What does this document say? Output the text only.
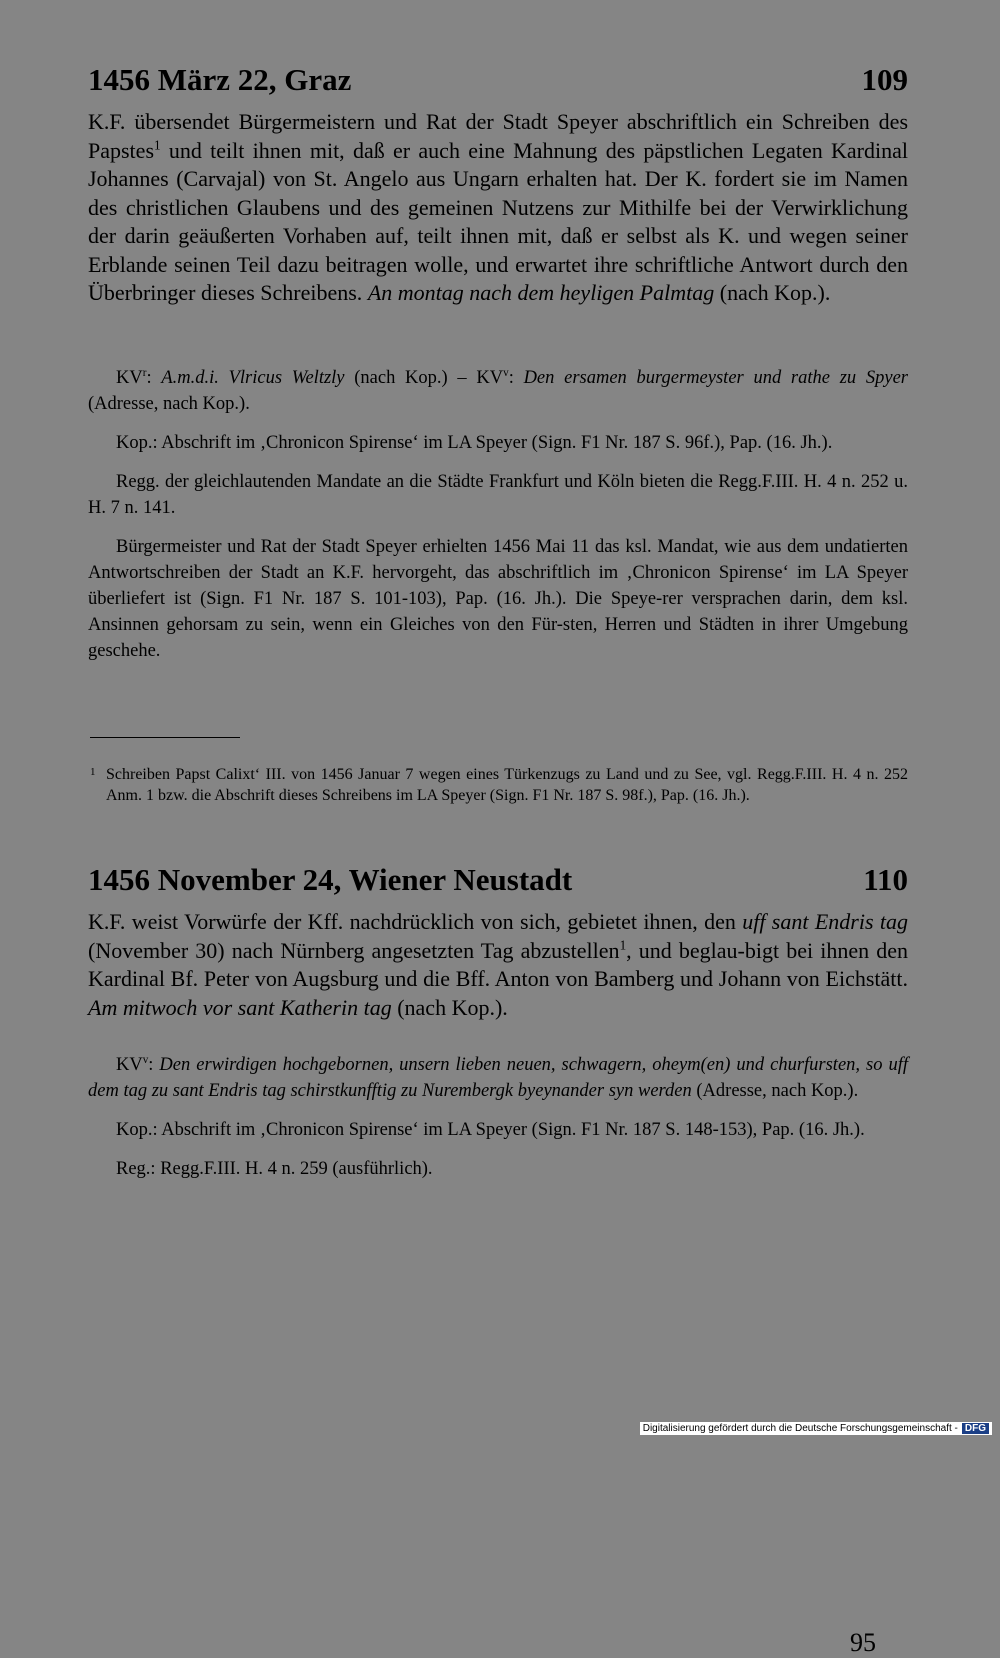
1456 März 22, Graz	109
K.F. übersendet Bürgermeistern und Rat der Stadt Speyer abschriftlich ein Schreiben des Papstes$^1$ und teilt ihnen mit, daß er auch eine Mahnung des päpstlichen Legaten Kardinal Johannes (Carvajal) von St. Angelo aus Ungarn erhalten hat. Der K. fordert sie im Namen des christlichen Glaubens und des gemeinen Nutzens zur Mithilfe bei der Verwirklichung der darin geäußerten Vorhaben auf, teilt ihnen mit, daß er selbst als K. und wegen seiner Erblande seinen Teil dazu beitragen wolle, und erwartet ihre schriftliche Antwort durch den Überbringer dieses Schreibens. An montag nach dem heyligen Palmtag (nach Kop.).

$KV^r$: A.m.d.i. Vlricus Weltzly (nach $Kop.) - KV^v$: Den ersamen burgermeyster und rathe zu Spyer (Adresse, nach Kop.).

Kop.: Abschrift im ‚Chronicon Spirense‘ im LA Speyer (Sign. F1 Nr. 187 S. 96f.), Pap. (16. Jh.).

Regg. der gleichlautenden Mandate an die Städte Frankfurt und Köln bieten die Regg.F.III. H. 4 n. 252 u. H. 7 n. 141.

Bürgermeister und Rat der Stadt Speyer erhielten 1456 Mai 11 das ksl. Mandat, wie aus dem undatierten Antwortschreiben der Stadt an K.F. hervorgeht, das abschriftlich im ‚Chronicon Spirense‘ im LA Speyer überliefert ist (Sign. F1 Nr. 187 S. 101-103), Pap. (16. Jh.). Die Speye-rer versprachen darin, dem ksl. Ansinnen gehorsam zu sein, wenn ein Gleiches von den Für-sten, Herren und Städten in ihrer Umgebung geschehe.

1 Schreiben Papst Calixt‘ III. von 1456 Januar 7 wegen eines Türkenzugs zu Land und zu See, vgl. Regg.F.III. H. 4 n. 252 Anm. 1 bzw. die Abschrift dieses Schreibens im LA Speyer (Sign. F1 Nr. 187 S. 98f.), Pap. (16. Jh.).
1456 November 24, Wiener Neustadt	110
K.F. weist Vorwürfe der Kff. nachdrücklich von sich, gebietet ihnen, den uff sant Endris tag (November 30) nach Nürnberg angesetzten Tag abzustellen$^1$, und beglau-bigt bei ihnen den Kardinal Bf. Peter von Augsburg und die Bff. Anton von Bamberg und Johann von Eichstätt. Am mitwoch vor sant Katherin tag (nach Kop.).

$KV^v$: Den erwirdigen hochgebornen, unsern lieben neuen, schwagern, oheym(en) und churfursten, so uff dem tag zu sant Endris tag schirstkunfftig zu Nurembergk byeynander syn werden (Adresse, nach Kop.).

Kop.: Abschrift im ‚Chronicon Spirense‘ im LA Speyer (Sign. F1 Nr. 187 S. 148-153), Pap. (16. Jh.).

Reg.: Regg.F.III. H. 4 n. 259 (ausführlich).

95
Digitalisierung gefördert durch die Deutsche Forschungsgemeinschaft - DFG
